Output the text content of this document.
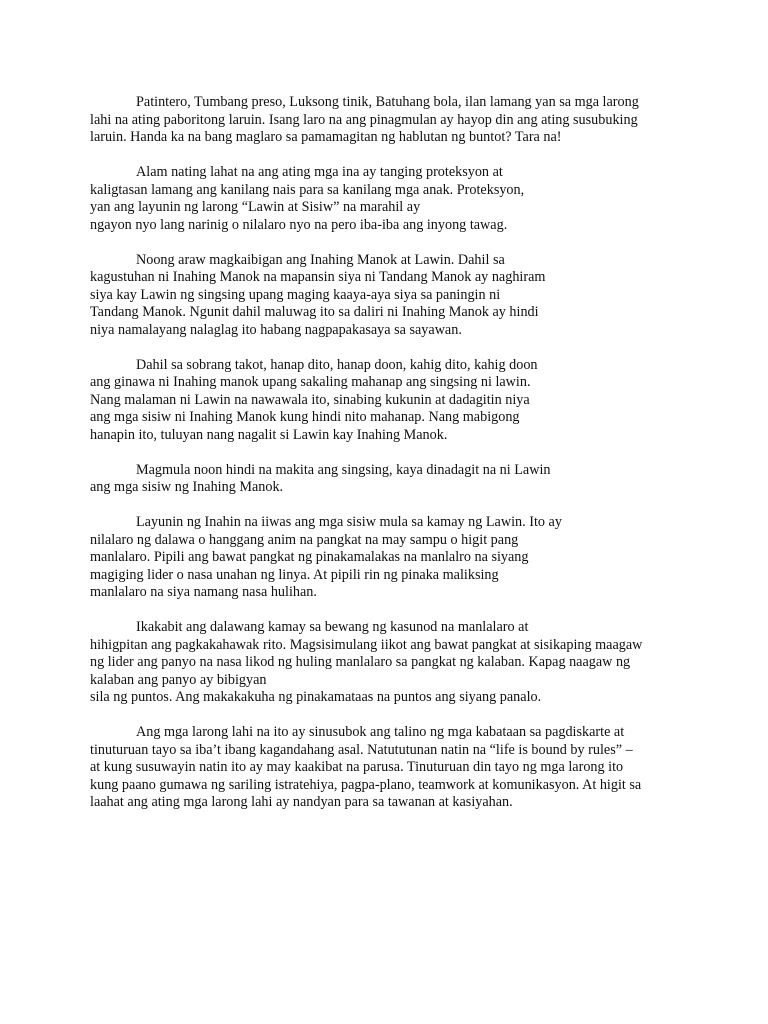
Patintero, Tumbang preso, Luksong tinik, Batuhang bola, ilan lamang yan sa mga larong
lahi na ating paboritong laruin. Isang laro na ang pinagmulan ay hayop din ang ating susubuking
laruin. Handa ka na bang maglaro sa pamamagitan ng hablutan ng buntot? Tara na!

Alam nating lahat na ang ating mga ina ay tanging proteksyon at
kaligtasan lamang ang kanilang nais para sa kanilang mga anak. Proteksyon,
yan ang layunin ng larong “Lawin at Sisiw” na marahil ay
ngayon nyo lang narinig o nilalaro nyo na pero iba-iba ang inyong tawag.

Noong araw magkaibigan ang Inahing Manok at Lawin. Dahil sa
kagustuhan ni Inahing Manok na mapansin siya ni Tandang Manok ay naghiram
siya kay Lawin ng singsing upang maging kaaya-aya siya sa paningin ni
Tandang Manok. Ngunit dahil maluwag ito sa daliri ni Inahing Manok ay hindi
niya namalayang nalaglag ito habang nagpapakasaya sa sayawan.

Dahil sa sobrang takot, hanap dito, hanap doon, kahig dito, kahig doon
ang ginawa ni Inahing manok upang sakaling mahanap ang singsing ni lawin.
Nang malaman ni Lawin na nawawala ito, sinabing kukunin at dadagitin niya
ang mga sisiw ni Inahing Manok kung hindi nito mahanap. Nang mabigong
hanapin ito, tuluyan nang nagalit si Lawin kay Inahing Manok.

Magmula noon hindi na makita ang singsing, kaya dinadagit na ni Lawin
ang mga sisiw ng Inahing Manok.

Layunin ng Inahin na iiwas ang mga sisiw mula sa kamay ng Lawin. Ito ay
nilalaro ng dalawa o hanggang anim na pangkat na may sampu o higit pang
manlalaro. Pipili ang bawat pangkat ng pinakamalakas na manlalro na siyang
magiging lider o nasa unahan ng linya. At pipili rin ng pinaka maliksing
manlalaro na siya namang nasa hulihan.

Ikakabit ang dalawang kamay sa bewang ng kasunod na manlalaro at
hihigpitan ang pagkakahawak rito. Magsisimulang iikot ang bawat pangkat at sisikaping maagaw
ng lider ang panyo na nasa likod ng huling manlalaro sa pangkat ng kalaban. Kapag naagaw ng
kalaban ang panyo ay bibigyan
sila ng puntos. Ang makakakuha ng pinakamataas na puntos ang siyang panalo.

Ang mga larong lahi na ito ay sinusubok ang talino ng mga kabataan sa pagdiskarte at
tinuturuan tayo sa iba’t ibang kagandahang asal. Natututunan natin na “life is bound by rules” –
at kung susuwayin natin ito ay may kaakibat na parusa. Tinuturuan din tayo ng mga larong ito
kung paano gumawa ng sariling istratehiya, pagpa-plano, teamwork at komunikasyon. At higit sa
laahat ang ating mga larong lahi ay nandyan para sa tawanan at kasiyahan.
